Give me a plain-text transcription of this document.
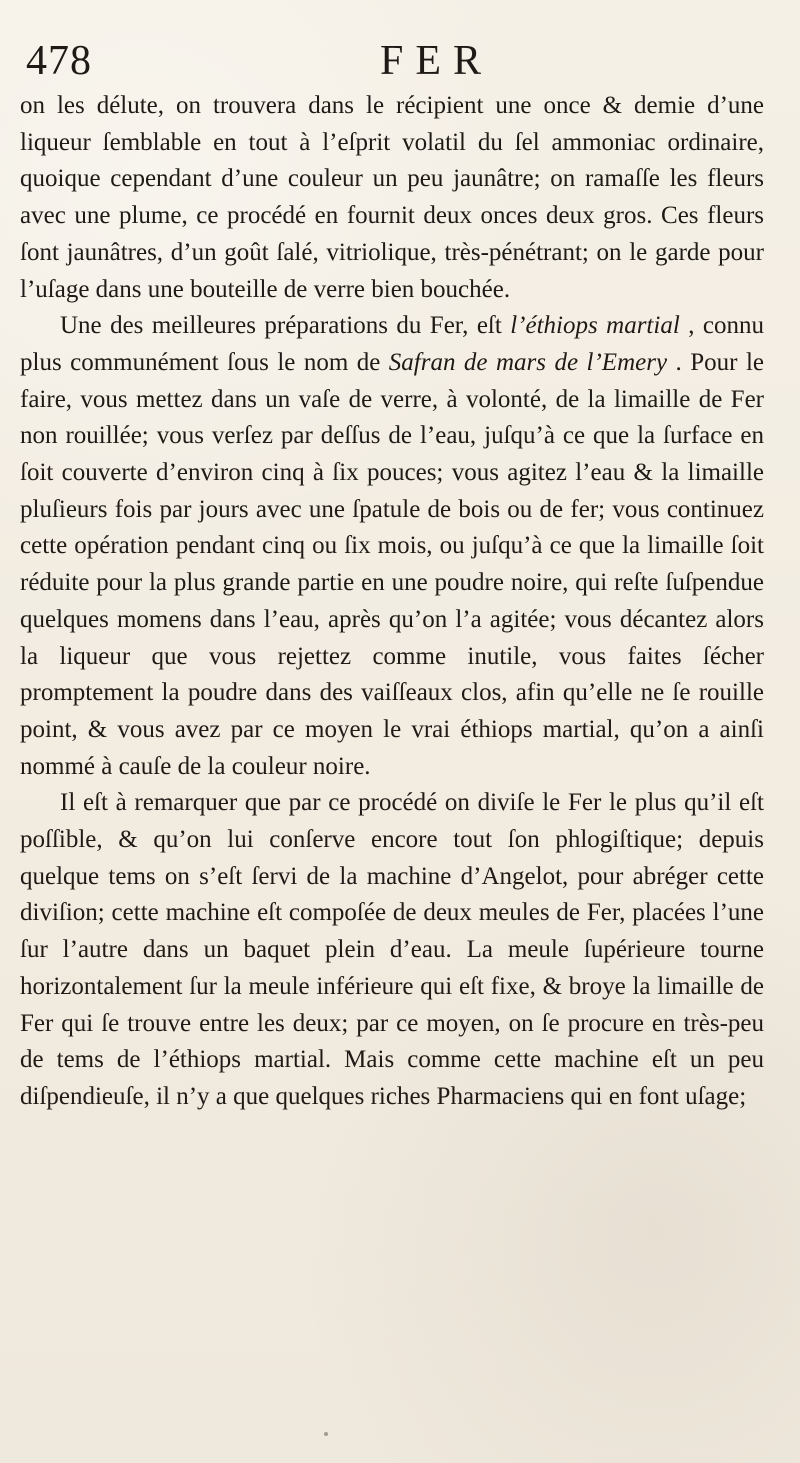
478	FER

on les délute, on trouvera dans le récipient une once & demie d’une liqueur ſemblable en tout à l’eſprit volatil du ſel ammoniac ordinaire, quoique cependant d’une couleur un peu jaunâtre; on ramaſſe les fleurs avec une plume, ce procédé en fournit deux onces deux gros. Ces fleurs ſont jaunâtres, d’un goût ſalé, vitriolique, très-pénétrant; on le garde pour l’uſage dans une bouteille de verre bien bouchée.

Une des meilleures préparations du Fer, eſt l’éthiops martial , connu plus communément ſous le nom de Safran de mars de l’Emery . Pour le faire, vous mettez dans un vaſe de verre, à volonté, de la limaille de Fer non rouillée; vous verſez par deſſus de l’eau, juſqu’à ce que la ſurface en ſoit couverte d’environ cinq à ſix pouces; vous agitez l’eau & la limaille pluſieurs fois par jours avec une ſpatule de bois ou de fer; vous continuez cette opération pendant cinq ou ſix mois, ou juſqu’à ce que la limaille ſoit réduite pour la plus grande partie en une poudre noire, qui reſte ſuſpendue quelques momens dans l’eau, après qu’on l’a agitée; vous décantez alors la liqueur que vous rejettez comme inutile, vous faites ſécher promptement la poudre dans des vaiſſeaux clos, afin qu’elle ne ſe rouille point, & vous avez par ce moyen le vrai éthiops martial, qu’on a ainſi nommé à cauſe de la couleur noire.

Il eſt à remarquer que par ce procédé on diviſe le Fer le plus qu’il eſt poſſible, & qu’on lui conſerve encore tout ſon phlogiſtique; depuis quelque tems on s’eſt ſervi de la machine d’Angelot, pour abréger cette diviſion; cette machine eſt compoſée de deux meules de Fer, placées l’une ſur l’autre dans un baquet plein d’eau. La meule ſupérieure tourne horizontalement ſur la meule inférieure qui eſt fixe, & broye la limaille de Fer qui ſe trouve entre les deux; par ce moyen, on ſe procure en très-peu de tems de l’éthiops martial. Mais comme cette machine eſt un peu diſpendieuſe, il n’y a que quelques riches Pharmaciens qui en font uſage;
